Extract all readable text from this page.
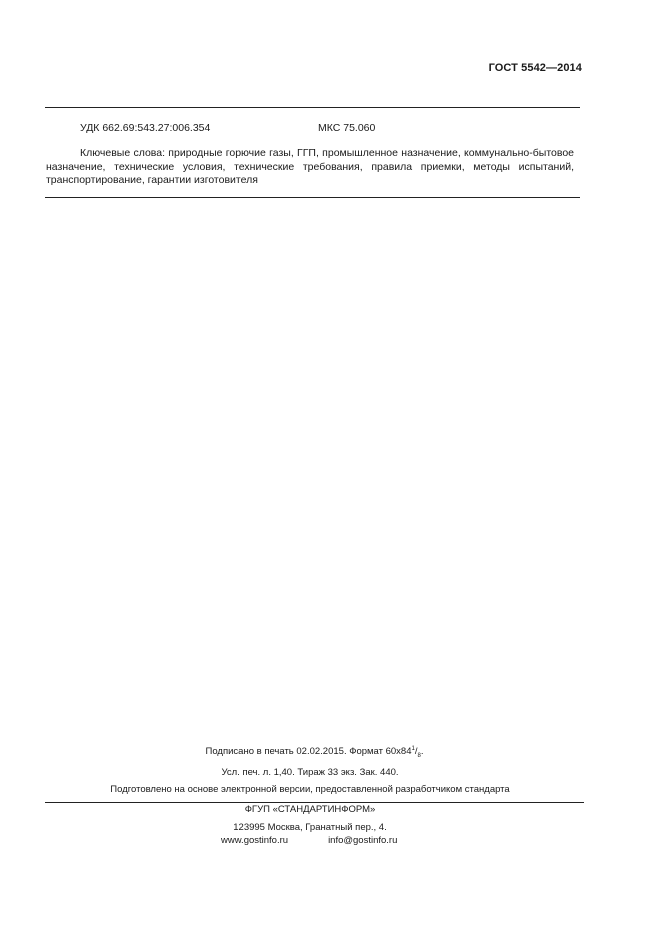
ГОСТ 5542—2014
УДК 662.69:543.27:006.354	МКС 75.060
Ключевые слова: природные горючие газы, ГГП, промышленное назначение, коммунально-бытовое назначение, технические условия, технические требования, правила приемки, методы испытаний, транспортирование, гарантии изготовителя
Подписано в печать 02.02.2015. Формат $60x84^1/_8$.
Усл. печ. л. 1,40. Тираж 33 экз. Зак. 440.
Подготовлено на основе электронной версии, предоставленной разработчиком стандарта
ФГУП «СТАНДАРТИНФОРМ»
123995 Москва, Гранатный пер., 4.
www.gostinfo.ru	info@gostinfo.ru
